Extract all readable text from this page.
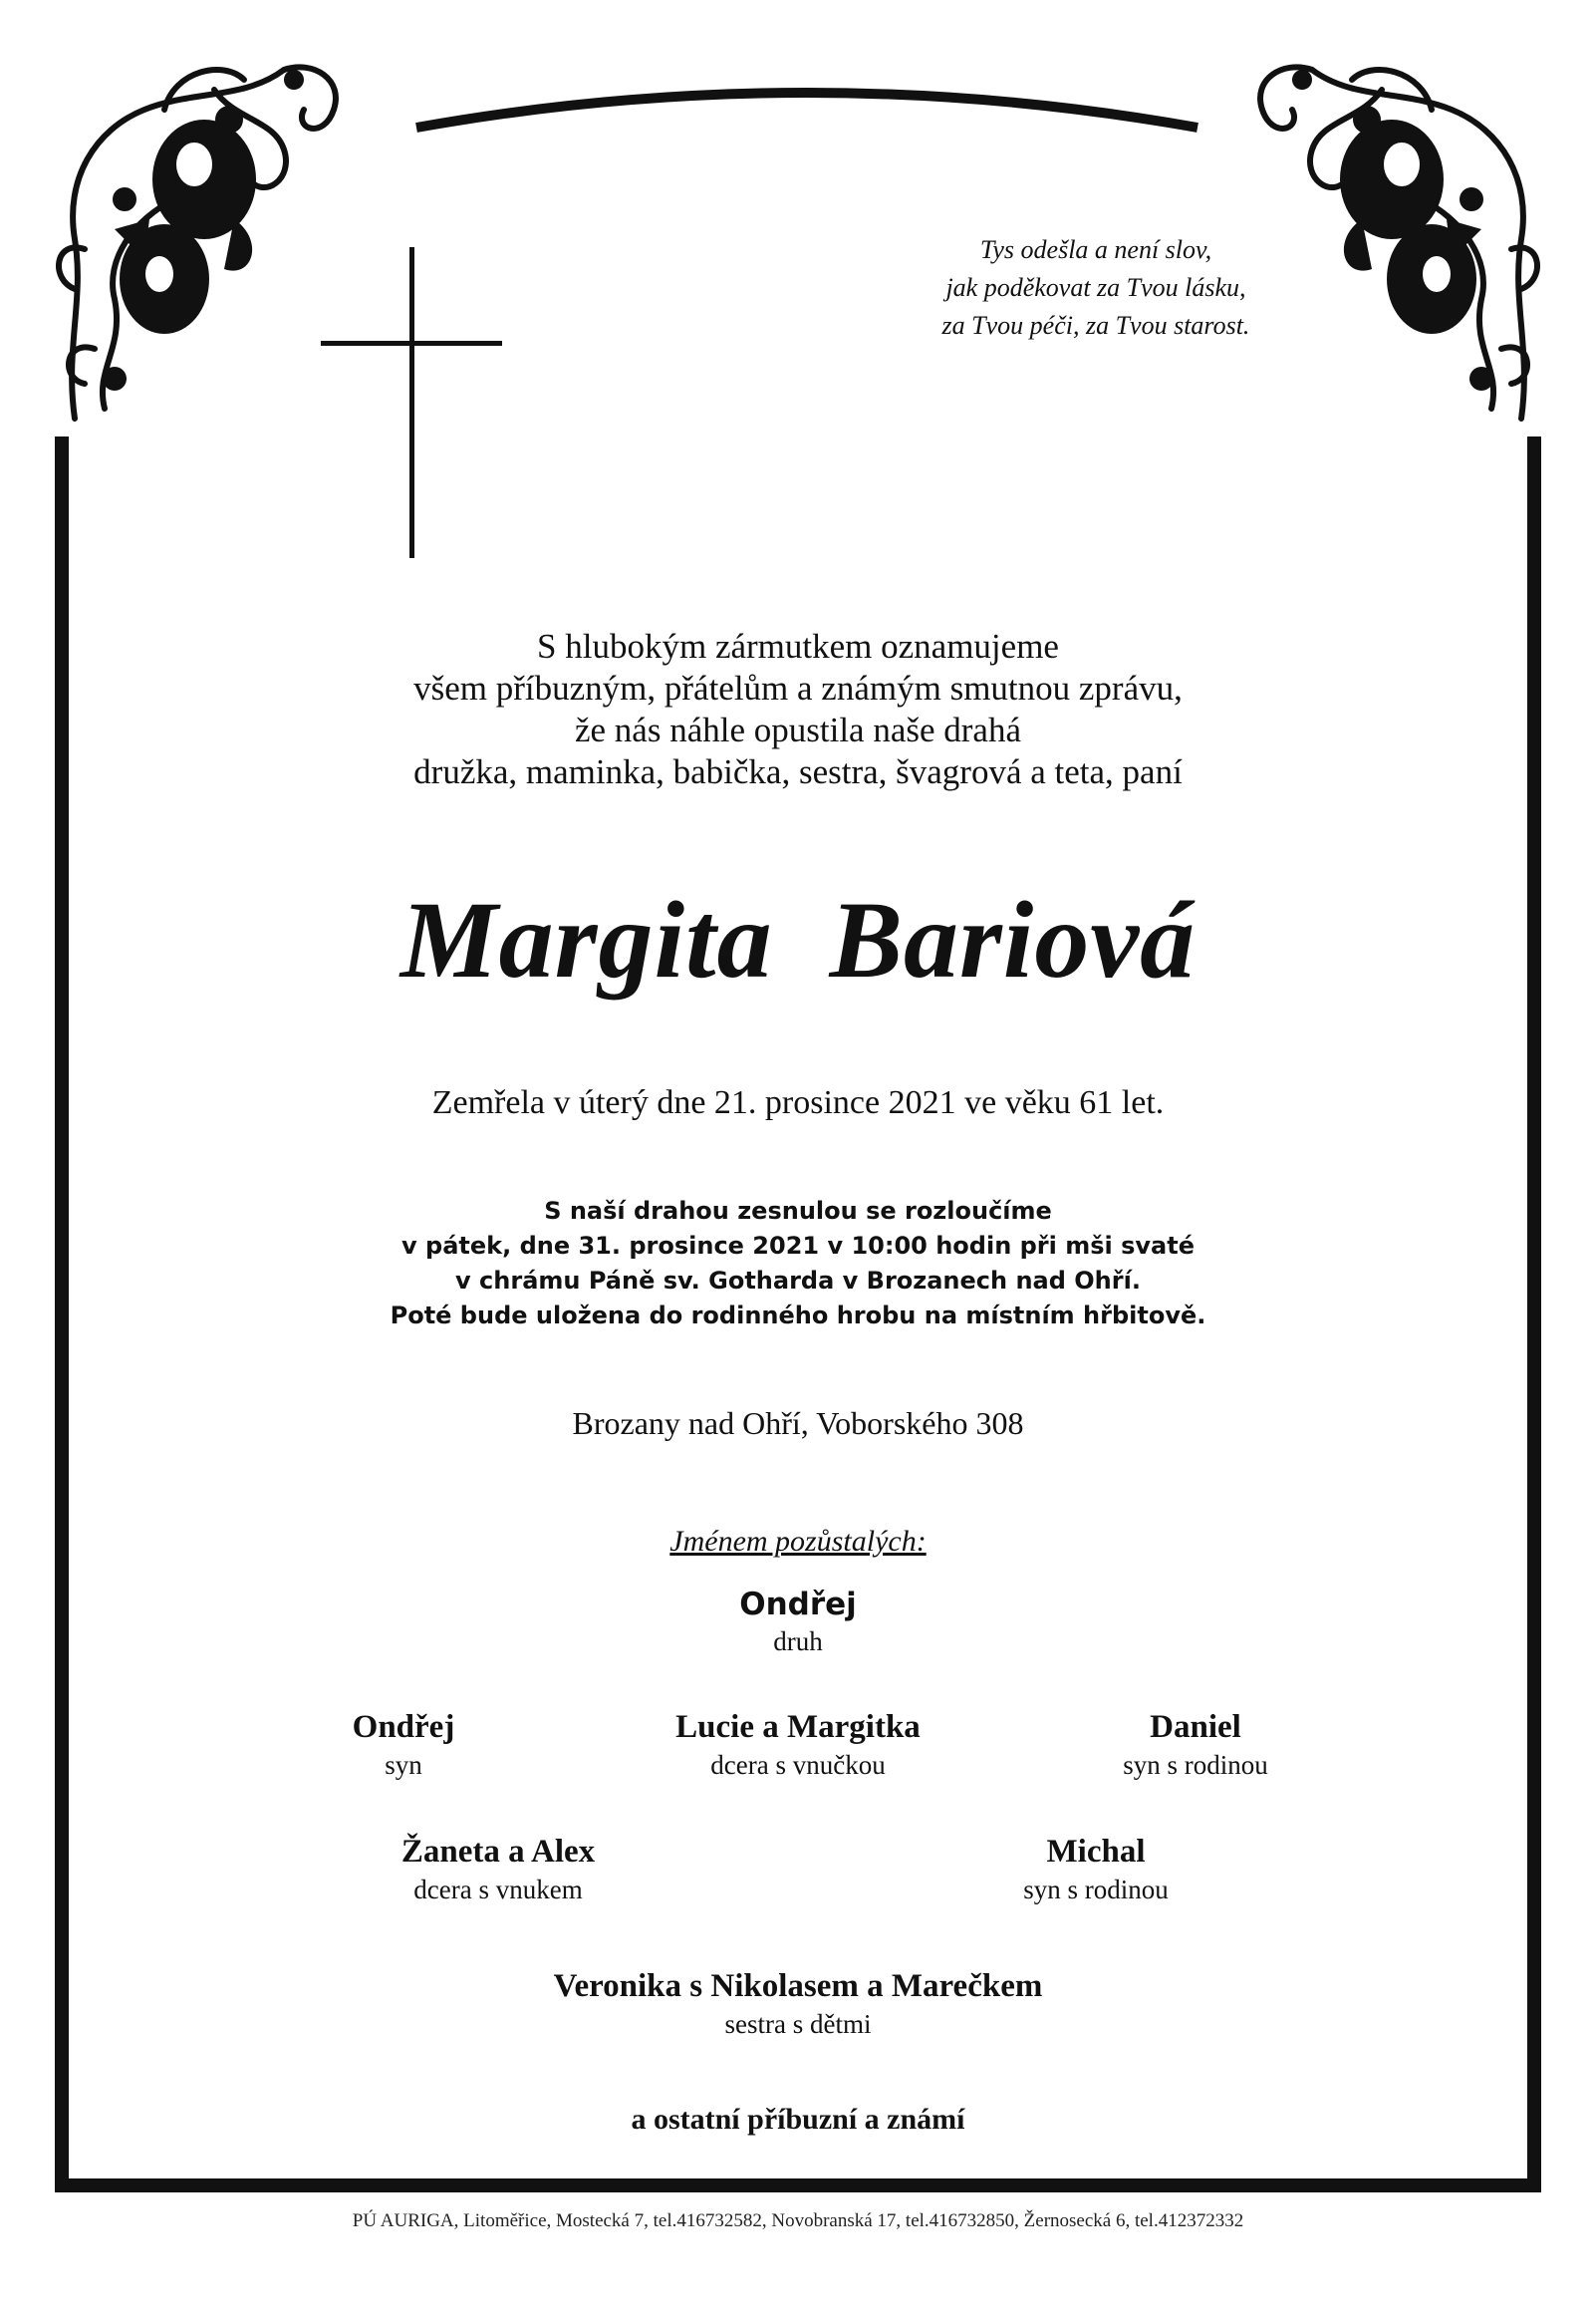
Tys odešla a není slov,
jak poděkovat za Tvou lásku,
za Tvou péči, za Tvou starost.
S hlubokým zármutkem oznamujeme
všem příbuzným, přátelům a známým smutnou zprávu,
že nás náhle opustila naše drahá
družka, maminka, babička, sestra, švagrová a teta, paní
Margita  Bariová
Zemřela v úterý dne 21. prosince 2021 ve věku 61 let.
S naší drahou zesnulou se rozloučíme
v pátek, dne 31. prosince 2021 v 10:00 hodin při mši svaté
v chrámu Páně sv. Gotharda v Brozanech nad Ohří.
Poté bude uložena do rodinného hrobu na místním hřbitově.
Brozany nad Ohří, Voborského 308
Jménem pozůstalých:
Ondřej
druh
Ondřej
syn
Lucie a Margitka
dcera s vnučkou
Daniel
syn s rodinou
Žaneta a Alex
dcera s vnukem
Michal
syn s rodinou
Veronika s Nikolasem a Marečkem
sestra s dětmi
a ostatní příbuzní a známí
PÚ AURIGA, Litoměřice, Mostecká 7, tel.416732582, Novobranská 17, tel.416732850, Žernosecká 6, tel.412372332
